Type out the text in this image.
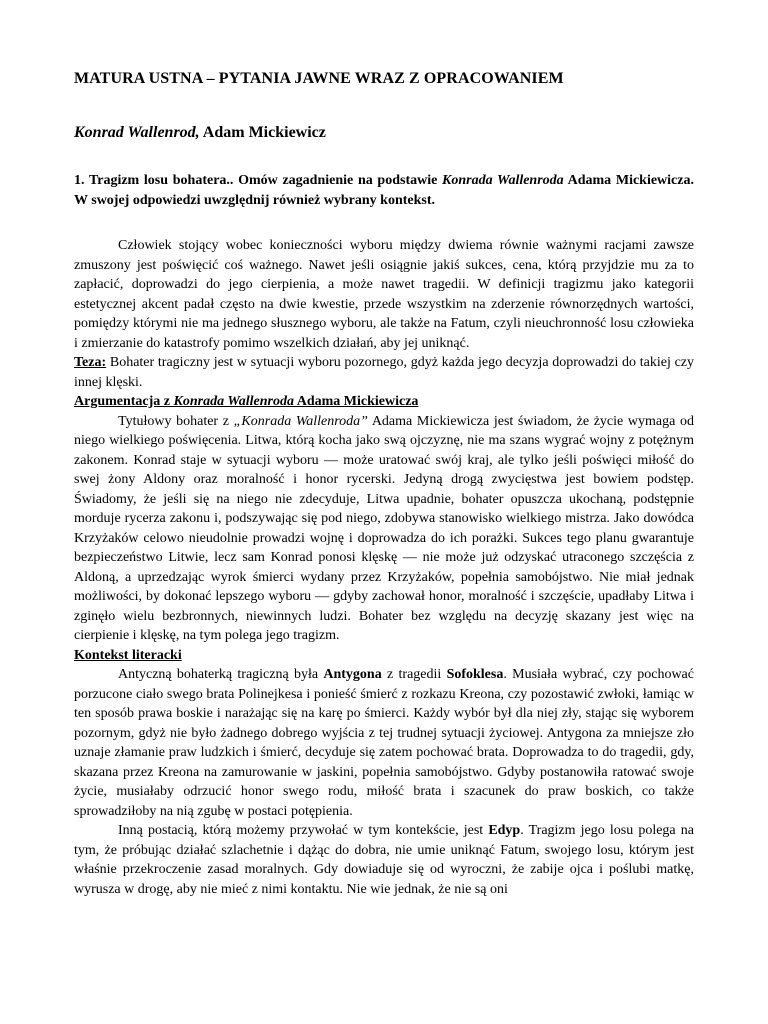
MATURA USTNA – PYTANIA JAWNE WRAZ Z OPRACOWANIEM
Konrad Wallenrod, Adam Mickiewicz

1. Tragizm losu bohatera.. Omów zagadnienie na podstawie Konrada Wallenroda Adama Mickiewicza. W swojej odpowiedzi uwzględnij również wybrany kontekst.

Człowiek stojący wobec konieczności wyboru między dwiema równie ważnymi racjami zawsze zmuszony jest poświęcić coś ważnego. Nawet jeśli osiągnie jakiś sukces, cena, którą przyjdzie mu za to zapłacić, doprowadzi do jego cierpienia, a może nawet tragedii. W definicji tragizmu jako kategorii estetycznej akcent padał często na dwie kwestie, przede wszystkim na zderzenie równorzędnych wartości, pomiędzy którymi nie ma jednego słusznego wyboru, ale także na Fatum, czyli nieuchronność losu człowieka i zmierzanie do katastrofy pomimo wszelkich działań, aby jej uniknąć.

Teza: Bohater tragiczny jest w sytuacji wyboru pozornego, gdyż każda jego decyzja doprowadzi do takiej czy innej klęski.

Argumentacja z Konrada Wallenroda Adama Mickiewicza

Tytułowy bohater z „Konrada Wallenroda” Adama Mickiewicza jest świadom, że życie wymaga od niego wielkiego poświęcenia. Litwa, którą kocha jako swą ojczyznę, nie ma szans wygrać wojny z potężnym zakonem. Konrad staje w sytuacji wyboru — może uratować swój kraj, ale tylko jeśli poświęci miłość do swej żony Aldony oraz moralność i honor rycerski. Jedyną drogą zwycięstwa jest bowiem podstęp. Świadomy, że jeśli się na niego nie zdecyduje, Litwa upadnie, bohater opuszcza ukochaną, podstępnie morduje rycerza zakonu i, podszywając się pod niego, zdobywa stanowisko wielkiego mistrza. Jako dowódca Krzyżaków celowo nieudolnie prowadzi wojnę i doprowadza do ich porażki. Sukces tego planu gwarantuje bezpieczeństwo Litwie, lecz sam Konrad ponosi klęskę — nie może już odzyskać utraconego szczęścia z Aldoną, a uprzedzając wyrok śmierci wydany przez Krzyżaków, popełnia samobójstwo. Nie miał jednak możliwości, by dokonać lepszego wyboru — gdyby zachował honor, moralność i szczęście, upadłaby Litwa i zginęło wielu bezbronnych, niewinnych ludzi. Bohater bez względu na decyzję skazany jest więc na cierpienie i klęskę, na tym polega jego tragizm.

Kontekst literacki

Antyczną bohaterką tragiczną była Antygona z tragedii Sofoklesa. Musiała wybrać, czy pochować porzucone ciało swego brata Polinejkesa i ponieść śmierć z rozkazu Kreona, czy pozostawić zwłoki, łamiąc w ten sposób prawa boskie i narażając się na karę po śmierci. Każdy wybór był dla niej zły, stając się wyborem pozornym, gdyż nie było żadnego dobrego wyjścia z tej trudnej sytuacji życiowej. Antygona za mniejsze zło uznaje złamanie praw ludzkich i śmierć, decyduje się zatem pochować brata. Doprowadza to do tragedii, gdy, skazana przez Kreona na zamurowanie w jaskini, popełnia samobójstwo. Gdyby postanowiła ratować swoje życie, musiałaby odrzucić honor swego rodu, miłość brata i szacunek do praw boskich, co także sprowadziłoby na nią zgubę w postaci potępienia.

Inną postacią, którą możemy przywołać w tym kontekście, jest Edyp. Tragizm jego losu polega na tym, że próbując działać szlachetnie i dążąc do dobra, nie umie uniknąć Fatum, swojego losu, którym jest właśnie przekroczenie zasad moralnych. Gdy dowiaduje się od wyroczni, że zabije ojca i poślubi matkę, wyrusza w drogę, aby nie mieć z nimi kontaktu. Nie wie jednak, że nie są oni
